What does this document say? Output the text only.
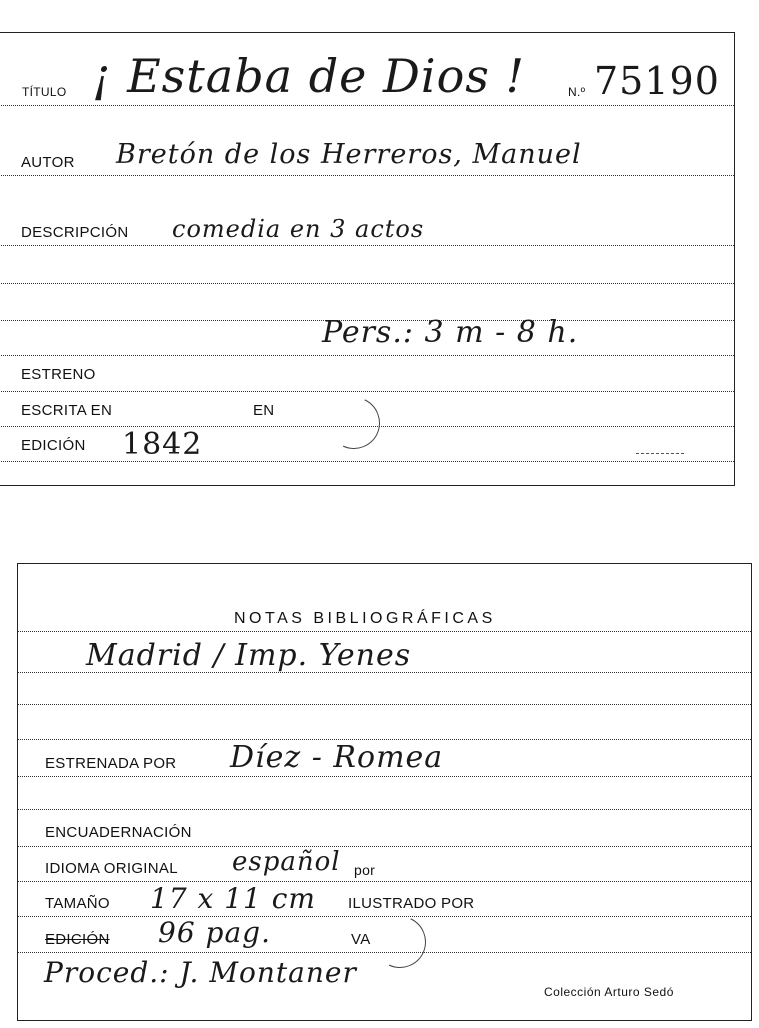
TÍTULO ¡ Estaba de Dios !	N.º 75190
AUTOR Bretón de los Herreros, Manuel
DESCRIPCIÓN comedia en 3 actos
Pers.: 3 m - 8 h.
ESTRENO
ESCRITA EN	EN
EDICIÓN 1842
NOTAS BIBLIOGRÁFICAS
Madrid / Imp. Yenes
ESTRENADA POR Díez - Romea
ENCUADERNACIÓN
IDIOMA ORIGINAL español por
TAMAÑO 17 x 11 cm ILUSTRADO POR
EDICIÓN 96 pag.	VA
Proced.: J. Montaner
Colección Arturo Sedó
